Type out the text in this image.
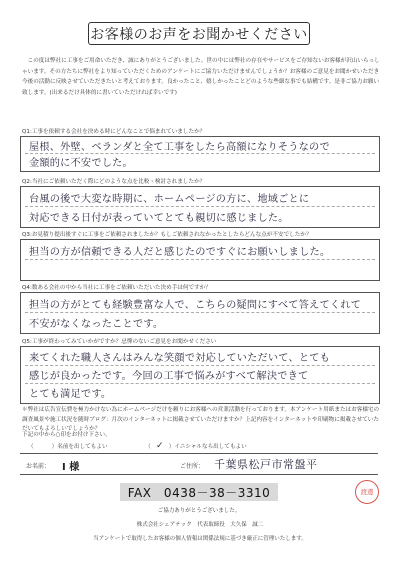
お客様のお声をお聞かせください
　この度は弊社に工事をご用命いただき、誠にありがとうございました。世の中には弊社の存在やサービスをご存知ないお客様が沢山いらっしゃいます。その方たちに弊社をより知っていただくためのアンケートにご協力いただけませんでしょうか？お客様のご意見をお聞かせいただき今後の活動に反映させていただきたいと考えております。良かったこと、嬉しかったことどのような些細な事でも結構です。是非ご協力お願い致します。(出来るだけ具体的に書いていただければ幸いです)
Q1:工事を依頼する会社を決める時にどんなことで悩まれていましたか？
屋根、外壁、ベランダと全て工事をしたら高額になりそうなので
金額的に不安でした。
Q2:当社にご依頼いただく際にどのような点を比較・検討されましたか？
台風の後で大変な時期に、ホームページの方に、地域ごとに
対応できる日付が表っていてとても親切に感じました。
Q3:お見積り提出後すぐに工事をご依頼されましたか？もしご依頼されなかったとしたらどんな点が不安でしたか？
担当の方が信頼できる人だと感じたのですぐにお願いしました。
Q4:数ある会社の中から当社に工事をご依頼いただいた決め手は何ですか？
担当の方がとても経験豊富な人で、こちらの疑問にすべて答えてくれて
不安がなくなったことです。
Q5:工事が終わってみていかがですか？忌憚のないご意見をお聞かせください
来てくれた職人さんはみんな笑顔で対応していただいて、とても
感じが良かったです。今回の工事で悩みがすべて解決できて
とても満足です。
＊弊社は広告宣伝費を極力かけない為にホームページだけを頼りにお客様への営業活動を行っております。本アンケート用紙またはお客様宅の調査風景や施工状況を随時ブログ：月次のインターネットに掲載させていただけますか？上記内容をインターネットや印刷物に掲載させていただいてもよろしいでしょうか？
下記の中から○印をお付け下さい。
（	）名前を出してもよい	（ ✓ ）イニシャルなら出してもよい
お名前： I 様	ご住所： 千葉県松戸市常盤平
FAX　0438－38－3310	渡邊
ご協力ありがとうございました。
株式会社シェアテック　代表取締役　大久保　誠二
当アンケートで取得したお客様の個人情報は関係法規に基づき厳正に管理いたします。
